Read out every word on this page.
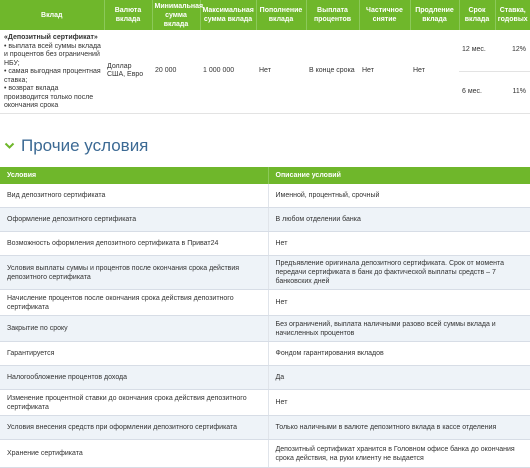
Вклад	Валюта вклада	Минимальная сумма вклада	Максимальная сумма вклада	Пополнение вклада	Выплата процентов	Частичное снятие	Продление вклада	Срок вклада	Ставка, годовых

«Депозитный сертификат»
• выплата всей суммы вклада и процентов без ограничений НБУ;
• самая выгодная процентная ставка;
• возврат вклада производится только после окончания срока	Доллар США, Евро	20 000	1 000 000	Нет	В конце срока	Нет	Нет	12 мес.	12%
								6 мес.	11%
Прочие условия
Условия	Описание условий
Вид депозитного сертификата	Именной, процентный, срочный
Оформление депозитного сертификата	В любом отделении банка
Возможность оформления депозитного сертификата в Приват24	Нет
Условия выплаты суммы и процентов после окончания срока действия депозитного сертификата	Предъявление оригинала депозитного сертификата. Срок от момента передачи сертификата в банк до фактической выплаты средств – 7 банковских дней
Начисление процентов после окончания срока действия депозитного сертификата	Нет
Закрытие по сроку	Без ограничений, выплата наличными разово всей суммы вклада и начисленных процентов
Гарантируется	Фондом гарантирования вкладов
Налогообложение процентов дохода	Да
Изменение процентной ставки до окончания срока действия депозитного сертификата	Нет
Условия внесения средств при оформлении депозитного сертификата	Только наличными в валюте депозитного вклада в кассе отделения
Хранение сертификата	Депозитный сертификат хранится в Головном офисе банка до окончания срока действия, на руки клиенту не выдается
